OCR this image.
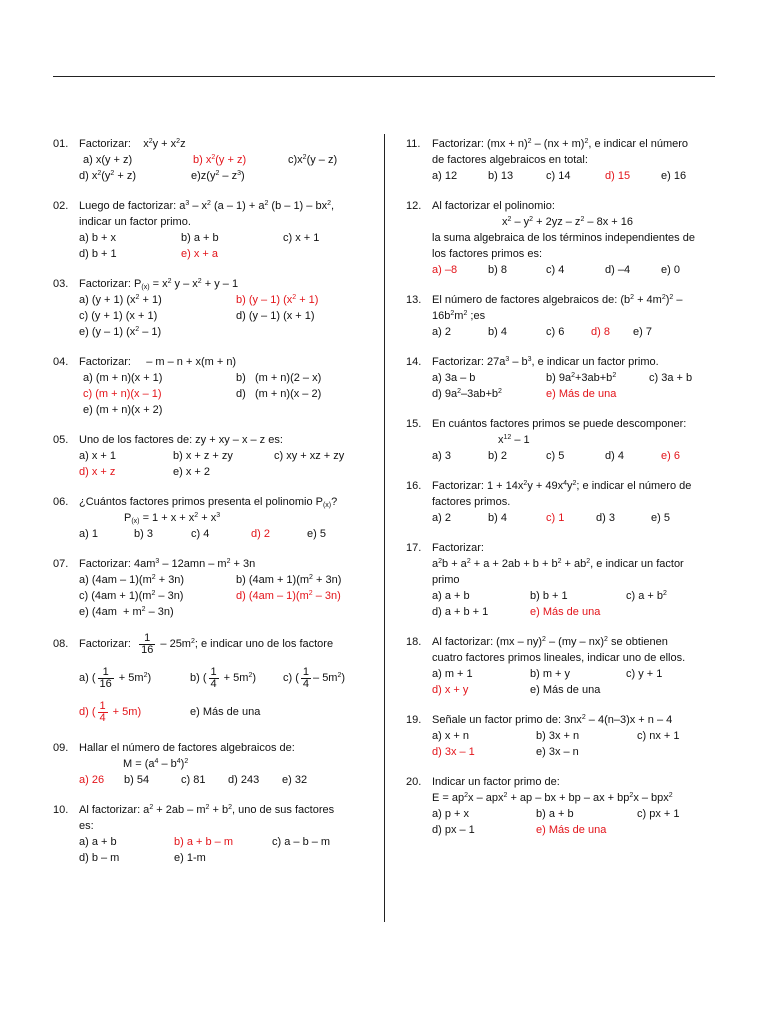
01. Factorizar: $x^2y + x^2z$
a) x(y + z)	b) $x^2(y + z)$	$c)x^2(y - z)$
d) $x^2(y^2 + z)$	$e)z(y^2 - z^3)$
02. Luego de factorizar: $a^3 - x^2$ $(a - 1) + a^2$ $(b - 1) - bx^2$,
indicar un factor primo.
a) b + x	b) a + b	c) x + 1
d) b + 1	e) x + a
03. Factorizar: $P_{(x)} = x^2$ $y - x^2 + y - 1$
a) (y + 1) $(x^2 + 1)$	b) (y – 1) $(x^2 + 1)$
c) (y + 1) (x + 1)	d) (y – 1) (x + 1)
e) (y – 1) $(x^2 - 1)$
04. Factorizar:     – m – n + x(m + n)
a) (m + n)(x + 1)	b)   (m + n)(2 – x)
c) (m + n)(x – 1)	d)   (m + n)(x – 2)
e) (m + n)(x + 2)
05. Uno de los factores de: zy + xy – x – z es:
a) x + 1	b) x + z + zy	c) xy + xz + zy
d) x + z	e) x + 2
06. ¿Cuántos factores primos presenta el polinomio $P_{(x)}$?
$P_{(x)} = 1 + x + x^2 + x^3$
a) 1	b) 3	c) 4	d) 2	e) 5
07. Factorizar: $4am^3 - 12amn - m^2 + 3n$
a) $(4am - 1)(m^2 + 3n)$	b) $(4am + 1)(m^2 + 3n)$
c) $(4am + 1)(m^2 - 3n)$	d) $(4am - 1)(m^2 - 3n)$
e) $(4am + m^2 - 3n)$
08. Factorizar: $\frac{1}{16} - 25m^2$; e indicar uno de los factore
a) ( $\frac{1}{16} + 5m^2$)	b) ( $\frac{1}{4} + 5m^2$)	c) ( $\frac{1}{4} - 5m^2$)
d) ( $\frac{1}{4} + 5m$)	e) Más de una
09. Hallar el número de factores algebraicos de:
$M = (a^4 - b^4)^2$
a) 26	b) 54	c) 81	d) 243	e) 32
10. Al factorizar: $a^2 + 2ab - m^2 + b^2$, uno de sus factores
es:
a) a + b	b) a + b – m	c) a – b – m
d) b – m	e) 1-m
11.	Factorizar: (mx + n)$^2$ – (nx + m)$^2$, e indicar el número
de factores algebraicos en total:
a) 12	b) 13	c) 14	d) 15	e) 16
12. Al factorizar el polinomio:
$x^2 - y^2 + 2yz - z^2 - 8x + 16$
la suma algebraica de los términos independientes de
los factores primos es:
a) –8	b) 8	c) 4	d) –4	e) 0
13. El número de factores algebraicos de: $(b^2 + 4m^2)^2$ –
$16b^2m^2$ ;es
a) 2	b) 4	c) 6	d) 8	e) 7
14. Factorizar: $27a^3 - b^3$, e indicar un factor primo.
a) 3a – b	b) $9a^2+3ab+b^2$	c) 3a + b
d) $9a^2-3ab+b^2$	e) Más de una
15. En cuántos factores primos se puede descomponer:
$x^{12} - 1$
a) 3	b) 2	c) 5	d) 4	e) 6
16. Factorizar: $1 + 14x^2y + 49x^4y^2$; e indicar el número de
factores primos.
a) 2	b) 4	c) 1	d) 3	e) 5
17. Factorizar:
$a^2b + a^2 + a + 2ab + b + b^2 + ab^2$, e indicar un factor
primo
a) a + b	b) b + 1	c) $a + b^2$
d) a + b + 1	e) Más de una
18. Al factorizar: (mx – ny)$^2$ – (my – nx)$^2$ se obtienen
cuatro factores primos lineales, indicar uno de ellos.
a) m + 1	b) m + y	c) y + 1
d) x + y	e) Más de una
19. Señale un factor primo de: $3nx^2 - 4(n-3)x + n - 4$
a) x + n	b) 3x + n	c) nx + 1
d) 3x – 1	e) 3x – n
20. Indicar un factor primo de:
$E = ap^2x - apx^2$ + ap – bx + bp – ax + $bp^2x - bpx^2$
a) p + x	b) a + b	c) px + 1
d) px – 1	e) Más de una
